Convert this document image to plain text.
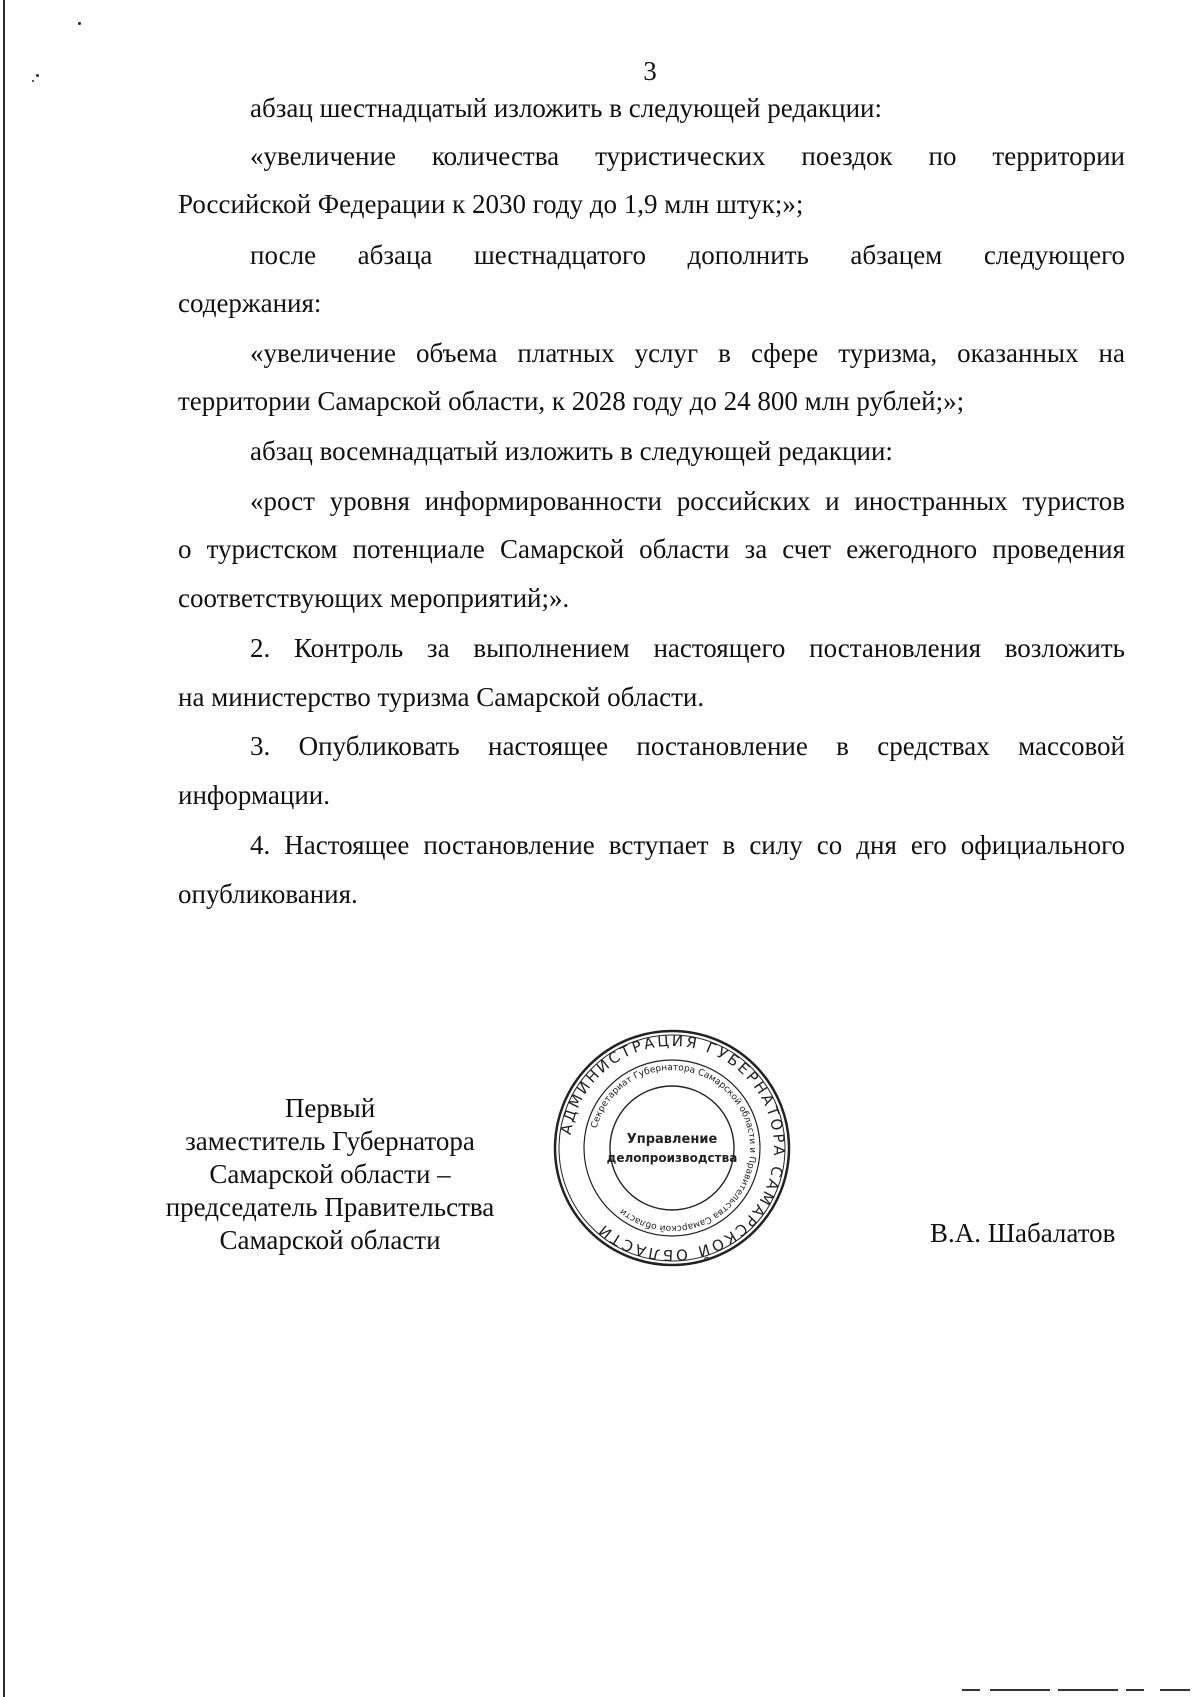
3
абзац шестнадцатый изложить в следующей редакции:
«увеличение количества туристических поездок по территории
Российской Федерации к 2030 году до 1,9 млн штук;»;
после абзаца шестнадцатого дополнить абзацем следующего
содержания:
«увеличение объема платных услуг в сфере туризма, оказанных на
территории Самарской области, к 2028 году до 24 800 млн рублей;»;
абзац восемнадцатый изложить в следующей редакции:
«рост уровня информированности российских и иностранных туристов
о туристском потенциале Самарской области за счет ежегодного проведения
соответствующих мероприятий;».
2. Контроль за выполнением настоящего постановления возложить
на министерство туризма Самарской области.
3. Опубликовать настоящее постановление в средствах массовой
информации.
4. Настоящее постановление вступает в силу со дня его официального
опубликования.
Первый
заместитель Губернатора
Самарской области –
председатель Правительства
Самарской области
АДМИНИСТРАЦИЯ ГУБЕРНАТОРА САМАРСКОЙ ОБЛАСТИ
Секретариат Губернатора Самарской области и Правительства Самарской области
Управление
делопроизводства
В.А. Шабалатов
